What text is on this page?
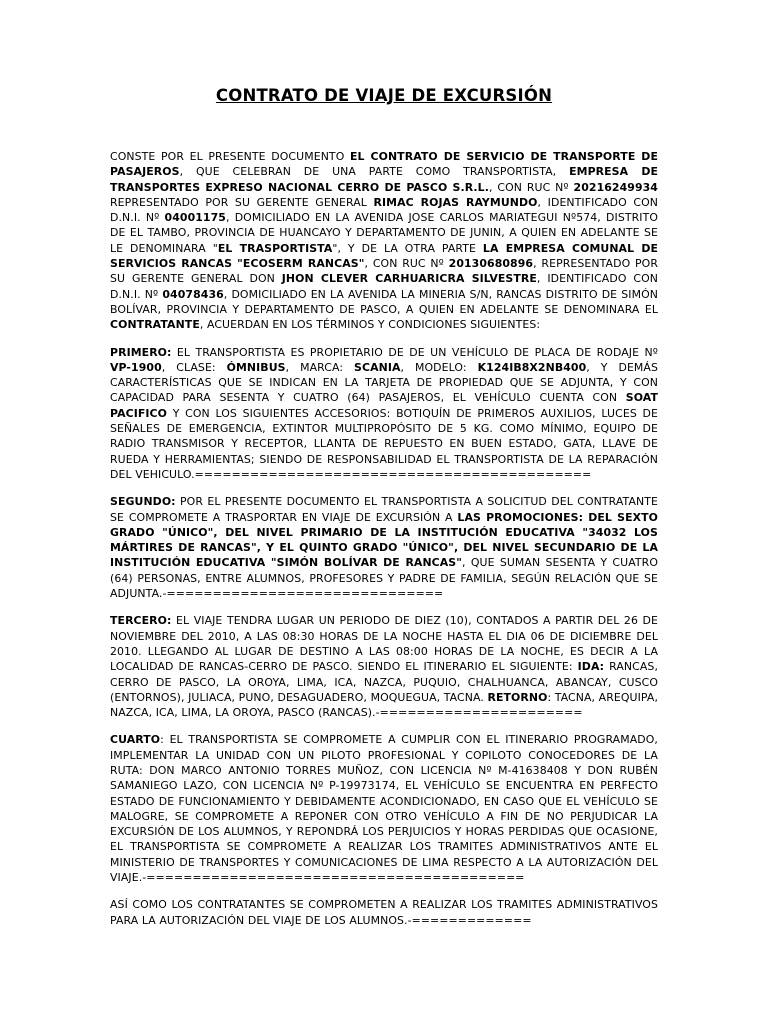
CONTRATO DE VIAJE DE EXCURSIÓN

CONSTE POR EL PRESENTE DOCUMENTO EL CONTRATO DE SERVICIO DE TRANSPORTE DE PASAJEROS, QUE CELEBRAN DE UNA PARTE COMO TRANSPORTISTA, EMPRESA DE TRANSPORTES EXPRESO NACIONAL CERRO DE PASCO S.R.L., CON RUC Nº 20216249934 REPRESENTADO POR SU GERENTE GENERAL RIMAC ROJAS RAYMUNDO, IDENTIFICADO CON D.N.I. Nº 04001175, DOMICILIADO EN LA AVENIDA JOSE CARLOS MARIATEGUI Nº574, DISTRITO DE EL TAMBO, PROVINCIA DE HUANCAYO Y DEPARTAMENTO DE JUNIN, A QUIEN EN ADELANTE SE LE DENOMINARA "EL TRASPORTISTA", Y DE LA OTRA PARTE LA EMPRESA COMUNAL DE SERVICIOS RANCAS "ECOSERM RANCAS", CON RUC Nº 20130680896, REPRESENTADO POR SU GERENTE GENERAL DON JHON CLEVER CARHUARICRA SILVESTRE, IDENTIFICADO CON D.N.I. Nº 04078436, DOMICILIADO EN LA AVENIDA LA MINERIA S/N, RANCAS DISTRITO DE SIMÓN BOLÍVAR, PROVINCIA Y DEPARTAMENTO DE PASCO, A QUIEN EN ADELANTE SE DENOMINARA EL CONTRATANTE, ACUERDAN EN LOS TÉRMINOS Y CONDICIONES SIGUIENTES:

PRIMERO: EL TRANSPORTISTA ES PROPIETARIO DE DE UN VEHÍCULO DE PLACA DE RODAJE Nº VP-1900, CLASE: ÓMNIBUS, MARCA: SCANIA, MODELO: K124IB8X2NB400, Y DEMÁS CARACTERÍSTICAS QUE SE INDICAN EN LA TARJETA DE PROPIEDAD QUE SE ADJUNTA, Y CON CAPACIDAD PARA SESENTA Y CUATRO (64) PASAJEROS, EL VEHÍCULO CUENTA CON SOAT PACIFICO Y CON LOS SIGUIENTES ACCESORIOS: BOTIQUÍN DE PRIMEROS AUXILIOS, LUCES DE SEÑALES DE EMERGENCIA, EXTINTOR MULTIPROPÓSITO DE 5 KG. COMO MÍNIMO, EQUIPO DE RADIO TRANSMISOR Y RECEPTOR, LLANTA DE REPUESTO EN BUEN ESTADO, GATA, LLAVE DE RUEDA Y HERRAMIENTAS; SIENDO DE RESPONSABILIDAD EL TRANSPORTISTA DE LA REPARACIÓN DEL VEHICULO.===========================================

SEGUNDO: POR EL PRESENTE DOCUMENTO EL TRANSPORTISTA A SOLICITUD DEL CONTRATANTE SE COMPROMETE A TRASPORTAR EN VIAJE DE EXCURSIÓN A LAS PROMOCIONES: DEL SEXTO GRADO "ÚNICO", DEL NIVEL PRIMARIO DE LA INSTITUCIÓN EDUCATIVA "34032 LOS MÁRTIRES DE RANCAS", Y EL QUINTO GRADO "ÚNICO", DEL NIVEL SECUNDARIO DE LA INSTITUCIÓN EDUCATIVA "SIMÓN BOLÍVAR DE RANCAS", QUE SUMAN SESENTA Y CUATRO (64) PERSONAS, ENTRE ALUMNOS, PROFESORES Y PADRE DE FAMILIA, SEGÚN RELACIÓN QUE SE ADJUNTA.-==============================

TERCERO: EL VIAJE TENDRA LUGAR UN PERIODO DE DIEZ (10), CONTADOS A PARTIR DEL 26 DE NOVIEMBRE DEL 2010, A LAS 08:30 HORAS DE LA NOCHE HASTA EL DIA 06 DE DICIEMBRE DEL 2010. LLEGANDO AL LUGAR DE DESTINO A LAS 08:00 HORAS DE LA NOCHE, ES DECIR A LA LOCALIDAD DE RANCAS-CERRO DE PASCO. SIENDO EL ITINERARIO EL SIGUIENTE: IDA: RANCAS, CERRO DE PASCO, LA OROYA, LIMA, ICA, NAZCA, PUQUIO, CHALHUANCA, ABANCAY, CUSCO (ENTORNOS), JULIACA, PUNO, DESAGUADERO, MOQUEGUA, TACNA. RETORNO: TACNA, AREQUIPA, NAZCA, ICA, LIMA, LA OROYA, PASCO (RANCAS).-======================

CUARTO: EL TRANSPORTISTA SE COMPROMETE A CUMPLIR CON EL ITINERARIO PROGRAMADO, IMPLEMENTAR LA UNIDAD CON UN PILOTO PROFESIONAL Y COPILOTO CONOCEDORES DE LA RUTA: DON MARCO ANTONIO TORRES MUÑOZ, CON LICENCIA Nº M-41638408 Y DON RUBÉN SAMANIEGO LAZO, CON LICENCIA Nº P-19973174, EL VEHÍCULO SE ENCUENTRA EN PERFECTO ESTADO DE FUNCIONAMIENTO Y DEBIDAMENTE ACONDICIONADO, EN CASO QUE EL VEHÍCULO SE MALOGRE, SE COMPROMETE A REPONER CON OTRO VEHÍCULO A FIN DE NO PERJUDICAR LA EXCURSIÓN DE LOS ALUMNOS, Y REPONDRÁ LOS PERJUICIOS Y HORAS PERDIDAS QUE OCASIONE, EL TRANSPORTISTA SE COMPROMETE A REALIZAR LOS TRAMITES ADMINISTRATIVOS ANTE EL MINISTERIO DE TRANSPORTES Y COMUNICACIONES DE LIMA RESPECTO A LA AUTORIZACIÓN DEL VIAJE.-=========================================

ASÍ COMO LOS CONTRATANTES SE COMPROMETEN A REALIZAR LOS TRAMITES ADMINISTRATIVOS PARA LA AUTORIZACIÓN DEL VIAJE DE LOS ALUMNOS.-=============
